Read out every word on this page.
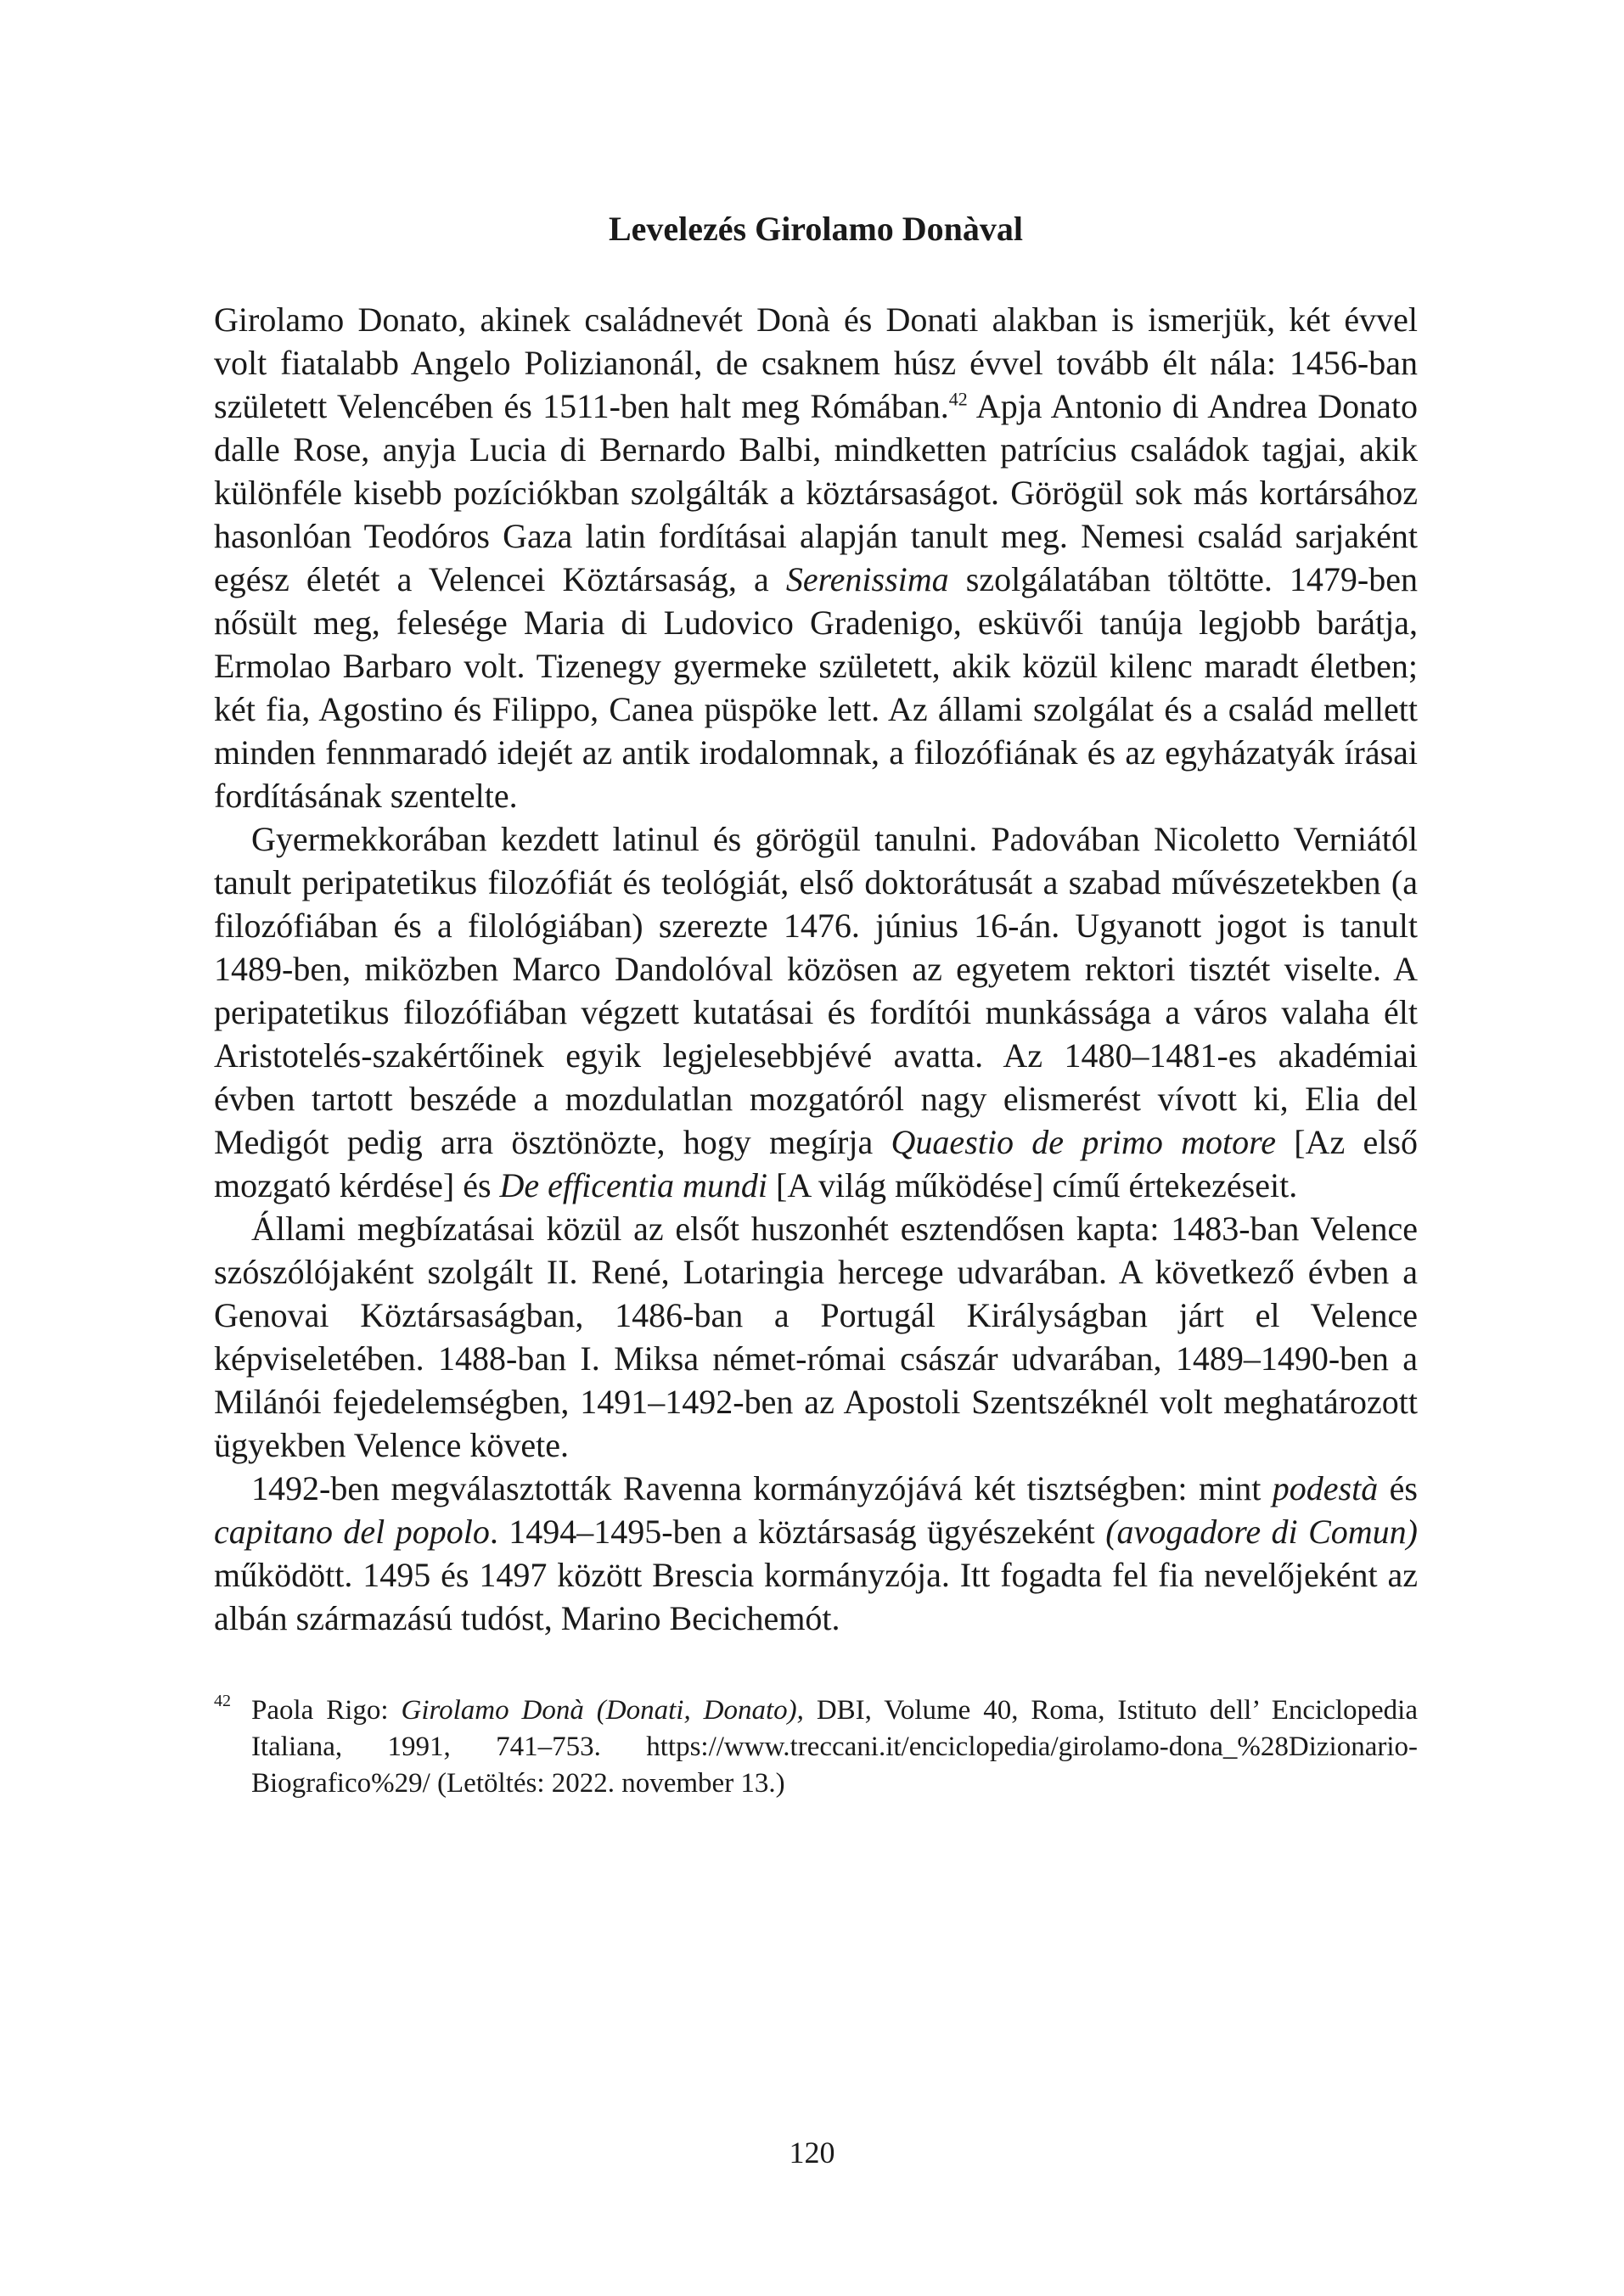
Levelezés Girolamo Donàval

Girolamo Donato, akinek családnevét Donà és Donati alakban is ismerjük, két évvel volt fiatalabb Angelo Polizianonál, de csaknem húsz évvel tovább élt nála: 1456-ban született Velencében és 1511-ben halt meg Rómában.$^{42}$ Apja Antonio di Andrea Donato dalle Rose, anyja Lucia di Bernardo Balbi, mindketten patrícius családok tagjai, akik különféle kisebb pozíciókban szolgálták a köztársaságot. Görögül sok más kortársához hasonlóan Teodóros Gaza latin fordításai alapján tanult meg. Nemesi család sarjaként egész életét a Velencei Köztársaság, a Serenissima szolgálatában töltötte. 1479-ben nősült meg, felesége Maria di Ludovico Gradenigo, esküvői tanúja legjobb barátja, Ermolao Barbaro volt. Tizenegy gyermeke született, akik közül kilenc maradt életben; két fia, Agostino és Filippo, Canea püspöke lett. Az állami szolgálat és a család mellett minden fennmaradó idejét az antik irodalomnak, a filozófiának és az egyházatyák írásai fordításának szentelte.

Gyermekkorában kezdett latinul és görögül tanulni. Padovában Nicoletto Verniától tanult peripatetikus filozófiát és teológiát, első doktorátusát a szabad művészetekben (a filozófiában és a filológiában) szerezte 1476. június 16-án. Ugyanott jogot is tanult 1489-ben, miközben Marco Dandolóval közösen az egyetem rektori tisztét viselte. A peripatetikus filozófiában végzett kutatásai és fordítói munkássága a város valaha élt Aristotelés-szakértőinek egyik legjelesebbjévé avatta. Az 1480–1481-es akadémiai évben tartott beszéde a mozdulatlan mozgatóról nagy elismerést vívott ki, Elia del Medigót pedig arra ösztönözte, hogy megírja Quaestio de primo motore [Az első mozgató kérdése] és De efficentia mundi [A világ működése] című értekezéseit.

Állami megbízatásai közül az elsőt huszonhét esztendősen kapta: 1483-ban Velence szószólójaként szolgált II. René, Lotaringia hercege udvarában. A következő évben a Genovai Köztársaságban, 1486-ban a Portugál Királyságban járt el Velence képviseletében. 1488-ban I. Miksa német-római császár udvarában, 1489–1490-ben a Milánói fejedelemségben, 1491–1492-ben az Apostoli Szentszéknél volt meghatározott ügyekben Velence követe.

1492-ben megválasztották Ravenna kormányzójává két tisztségben: mint podestà és capitano del popolo. 1494–1495-ben a köztársaság ügyészeként (avogadore di Comun) működött. 1495 és 1497 között Brescia kormányzója. Itt fogadta fel fia nevelőjeként az albán származású tudóst, Marino Becichemót.

42 Paola Rigo: Girolamo Donà (Donati, Donato), DBI, Volume 40, Roma, Istituto dell’ Enciclopedia Italiana, 1991, 741–753. https://www.treccani.it/enciclopedia/girolamo-dona_%28Dizionario-Biografico%29/ (Letöltés: 2022. november 13.)
120
